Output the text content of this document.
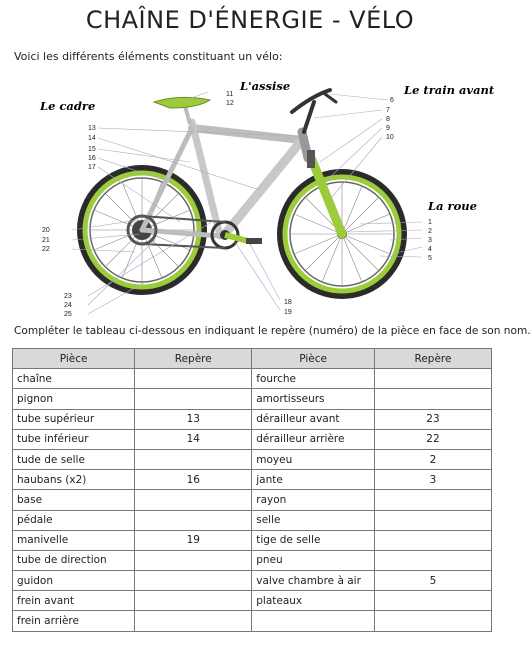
CHAÎNE D'ÉNERGIE - VÉLO
Voici les différents éléments constituant un vélo:
Le cadre
L'assise	Le train avant
La roue
1
2
3
4
5
6
7
8
9
10
11
12
13
14
15
16
17
18
19
20
21
22
23
24
25
Compléter le tableau ci-dessous en indiquant le repère (numéro) de la pièce en face de son nom.
Pièce	Repère	Pièce	Repère
chaîne		fourche	
pignon		amortisseurs	
tube supérieur	13	dérailleur avant	23
tube inférieur	14	dérailleur arrière	22
tude de selle		moyeu	2
haubans (x2)	16	jante	3
base		rayon	
pédale		selle	
manivelle	19	tige de selle	
tube de direction		pneu	
guidon		valve chambre à air	5
frein avant		plateaux	
frein arrière			
